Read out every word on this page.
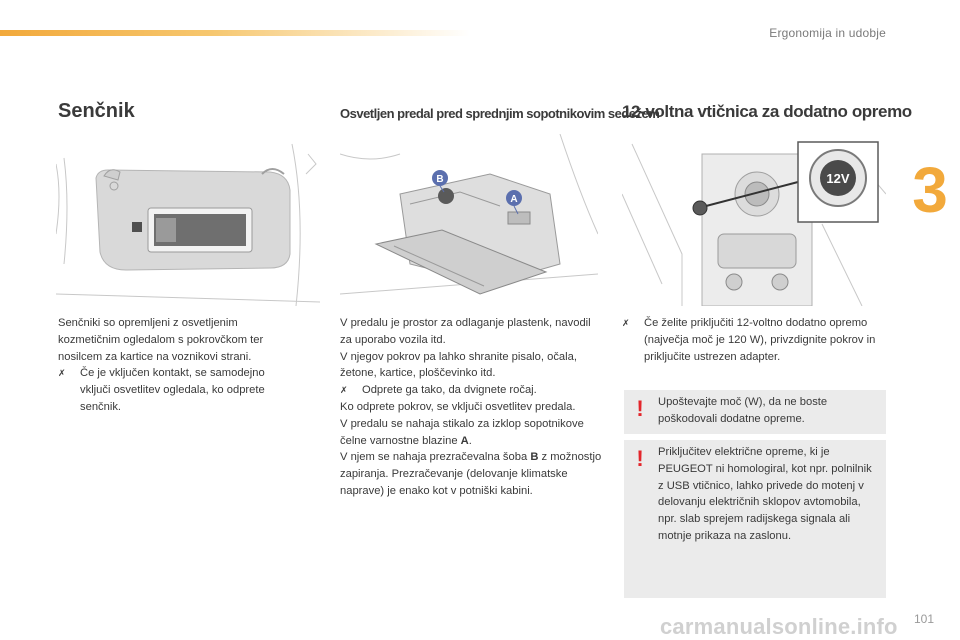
Ergonomija in udobje
3
Senčnik

Senčniki so opremljeni z osvetljenim kozmetičnim ogledalom s pokrovčkom ter nosilcem za kartice na voznikovi strani.

✗	Če je vključen kontakt, se samodejno vključi osvetlitev ogledala, ko odprete senčnik.
Osvetljen predal pred sprednjim sopotnikovim sedežem
B
A

V predalu je prostor za odlaganje plastenk, navodil za uporabo vozila itd.

V njegov pokrov pa lahko shranite pisalo, očala, žetone, kartice, ploščevinko itd.

✗	Odprete ga tako, da dvignete ročaj.

Ko odprete pokrov, se vključi osvetlitev predala.

V predalu se nahaja stikalo za izklop sopotnikove čelne varnostne blazine A.

V njem se nahaja prezračevalna šoba B z možnostjo zapiranja. Prezračevanje (delovanje klimatske naprave) je enako kot v potniški kabini.

12-voltna vtičnica za dodatno opremo
12V
✗	Če želite priključiti 12-voltno dodatno opremo (največja moč je 120 W), privzdignite pokrov in priključite ustrezen adapter.
!	Upoštevajte moč (W), da ne boste poškodovali dodatne opreme.
!	Priključitev električne opreme, ki je PEUGEOT ni homologiral, kot npr. polnilnik z USB vtičnico, lahko privede do motenj v delovanju električnih sklopov avtomobila, npr. slab sprejem radijskega signala ali motnje prikaza na zaslonu.
carmanualsonline.info 101
